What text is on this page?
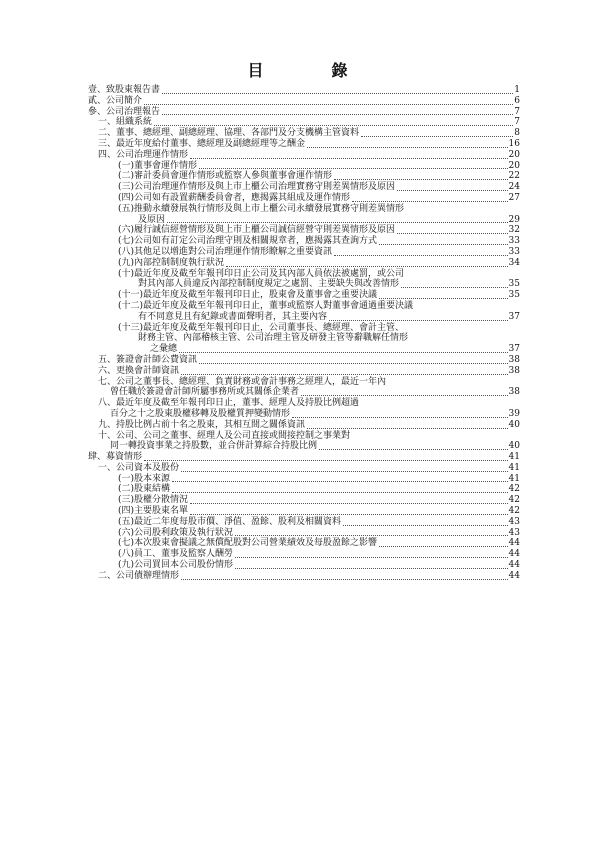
目　錄
壹、致股東報告書	1
貳、公司簡介	6
參、公司治理報告	7
一、組織系統	7
二、董事、總經理、副總經理、協理、各部門及分支機構主管資料	8
三、最近年度給付董事、總經理及副總經理等之酬金	16
四、公司治理運作情形	20
(一)董事會運作情形	20
(二)審計委員會運作情形或監察人參與董事會運作情形	22
(三)公司治理運作情形及與上市上櫃公司治理實務守則差異情形及原因	24
(四)公司如有設置薪酬委員會者，應揭露其組成及運作情形	27
(五)推動永續發展執行情形及與上市上櫃公司永續發展實務守則差異情形
及原因	29
(六)履行誠信經營情形及與上市上櫃公司誠信經營守則差異情形及原因	32
(七)公司如有訂定公司治理守則及相關規章者，應揭露其查詢方式	33
(八)其他足以增進對公司治理運作情形瞭解之重要資訊	33
(九)內部控制制度執行狀況	34
(十)最近年度及截至年報刊印日止公司及其內部人員依法被處罰，或公司
對其內部人員違反內部控制制度規定之處罰、主要缺失與改善情形	35
(十一)最近年度及截至年報刊印日止，股東會及董事會之重要決議	35
(十二)最近年度及截至年報刊印日止，董事或監察人對董事會通過重要決議
有不同意見且有紀錄或書面聲明者，其主要內容	37
(十三)最近年度及截至年報刊印日止，公司董事長、總經理、會計主管、
財務主管、內部稽核主管、公司治理主管及研發主管等辭職解任情形
之彙總	37
五、簽證會計師公費資訊	38
六、更換會計師資訊	38
七、公司之董事長、總經理、負責財務或會計事務之經理人，最近一年內
曾任職於簽證會計師所屬事務所或其關係企業者	38
八、最近年度及截至年報刊印日止，董事、經理人及持股比例超過
百分之十之股東股權移轉及股權質押變動情形	39
九、持股比例占前十名之股東，其相互間之關係資訊	40
十、公司、公司之董事、經理人及公司直接或間接控制之事業對
同一轉投資事業之持股數，並合併計算綜合持股比例	40
肆、募資情形	41
一、公司資本及股份	41
(一)股本來源	41
(二)股東結構	42
(三)股權分散情況	42
(四)主要股東名單	42
(五)最近二年度每股市價、淨值、盈餘、股利及相關資料	43
(六)公司股利政策及執行狀況	43
(七)本次股東會擬議之無償配股對公司營業績效及每股盈餘之影響	44
(八)員工、董事及監察人酬勞	44
(九)公司買回本公司股份情形	44
二、公司債辦理情形	44
